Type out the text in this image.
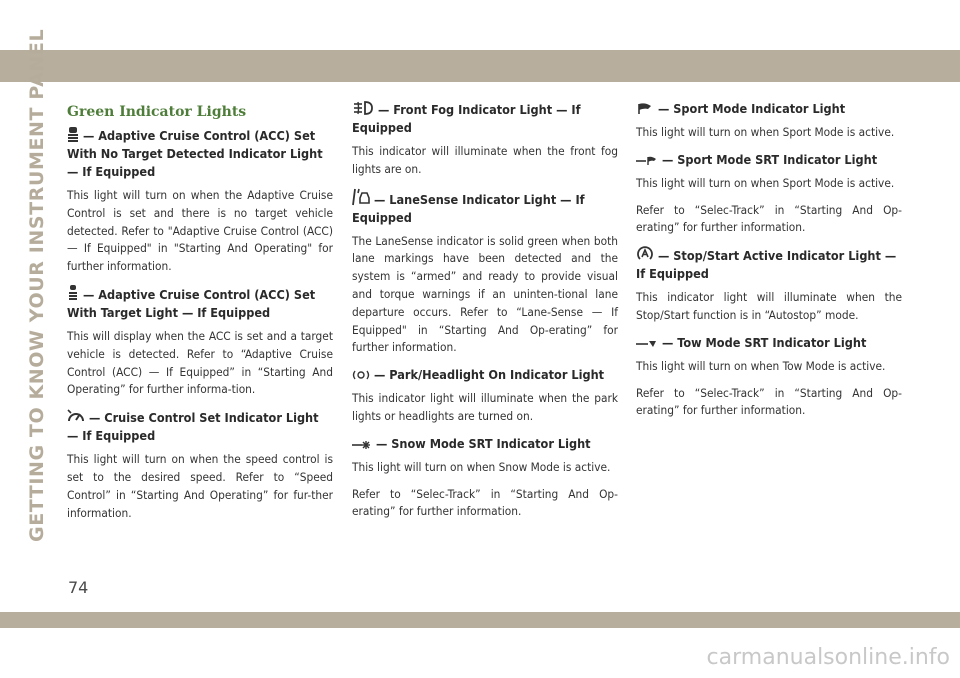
GETTING TO KNOW YOUR INSTRUMENT PANEL
74
carmanualsonline.info
Green Indicator Lights
— Adaptive Cruise Control (ACC) Set With No Target Detected Indicator Light — If Equipped
This light will turn on when the Adaptive Cruise Control is set and there is no target vehicle detected. Refer to "Adaptive Cruise Control (ACC) — If Equipped" in "Starting And Operating" for further information.
— Adaptive Cruise Control (ACC) Set With Target Light — If Equipped
This will display when the ACC is set and a target vehicle is detected. Refer to “Adaptive Cruise Control (ACC) — If Equipped” in “Starting And Operating” for further informa-tion.
— Cruise Control Set Indicator Light — If Equipped
This light will turn on when the speed control is set to the desired speed. Refer to “Speed Control” in “Starting And Operating” for fur-ther information.
— Front Fog Indicator Light — If Equipped
This indicator will illuminate when the front fog lights are on.
— LaneSense Indicator Light — If Equipped
The LaneSense indicator is solid green when both lane markings have been detected and the system is “armed” and ready to provide visual and torque warnings if an uninten-tional lane departure occurs. Refer to “Lane-Sense — If Equipped" in “Starting And Op-erating” for further information.
— Park/Headlight On Indicator Light
This indicator light will illuminate when the park lights or headlights are turned on.
— Snow Mode SRT Indicator Light
This light will turn on when Snow Mode is active.
Refer to “Selec-Track” in “Starting And Op-erating” for further information.
— Sport Mode Indicator Light
This light will turn on when Sport Mode is active.
— Sport Mode SRT Indicator Light
This light will turn on when Sport Mode is active.
Refer to “Selec-Track” in “Starting And Op-erating” for further information.
— Stop/Start Active Indicator Light — If Equipped
This indicator light will illuminate when the Stop/Start function is in “Autostop” mode.
— Tow Mode SRT Indicator Light
This light will turn on when Tow Mode is active.
Refer to “Selec-Track” in “Starting And Op-erating” for further information.
